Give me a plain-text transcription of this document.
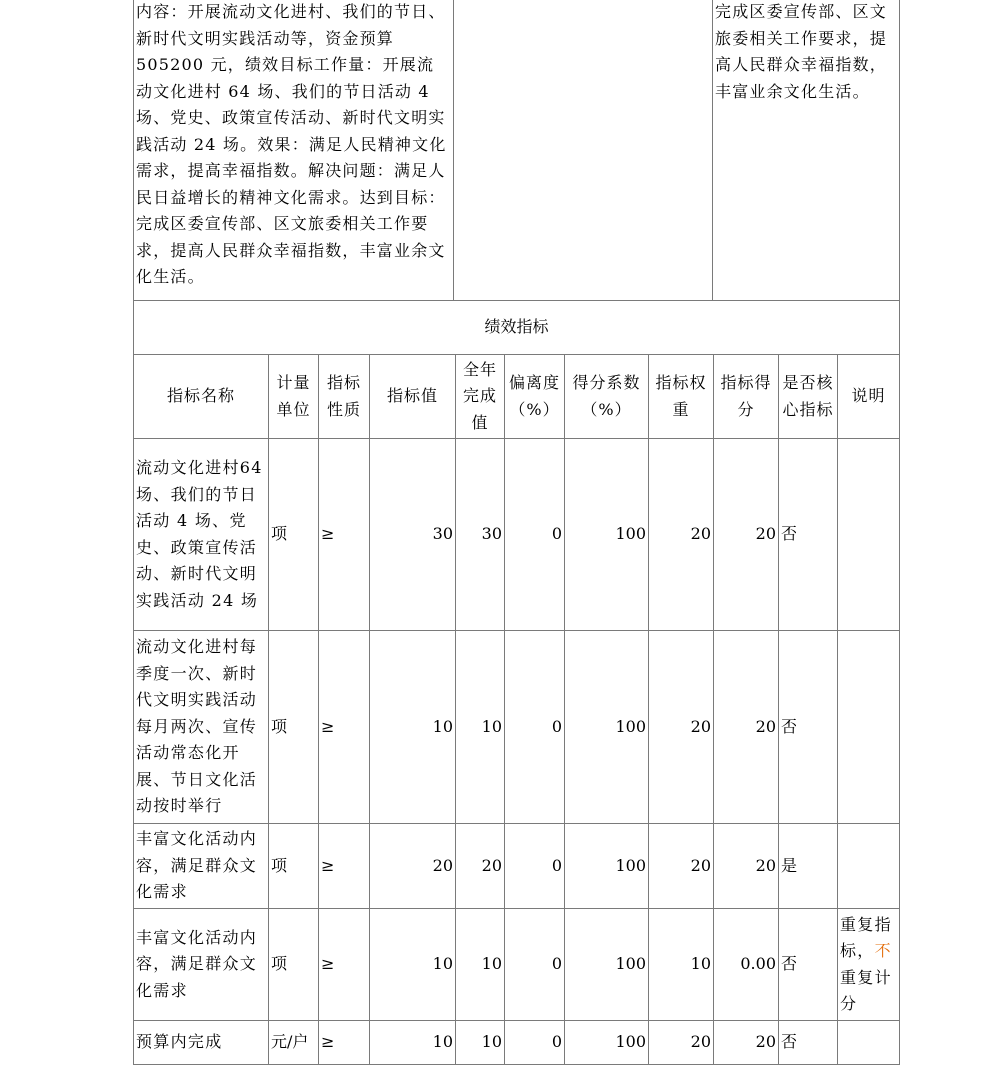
内容：开展流动文化进村、我们的节日、新时代文明实践活动等，资金预算505200 元，绩效目标工作量：开展流动文化进村 64 场、我们的节日活动 4 场、党史、政策宣传活动、新时代文明实践活动 24 场。效果：满足人民精神文化需求，提高幸福指数。解决问题：满足人民日益增长的精神文化需求。达到目标：完成区委宣传部、区文旅委相关工作要求，提高人民群众幸福指数，丰富业余文化生活。		完成区委宣传部、区文旅委相关工作要求，提高人民群众幸福指数，丰富业余文化生活。
绩效指标										
指标名称	计量单位	指标性质	指标值	全年完成值	偏离度（%）	得分系数（%）	指标权重	指标得分	是否核心指标	说明
流动文化进村64 场、我们的节日活动 4 场、党史、政策宣传活动、新时代文明实践活动 24 场	项	≥	30	30	0	100	20	20	否	
流动文化进村每季度一次、新时代文明实践活动每月两次、宣传活动常态化开展、节日文化活动按时举行	项	≥	10	10	0	100	20	20	否	
丰富文化活动内容，满足群众文化需求	项	≥	20	20	0	100	20	20	是	
丰富文化活动内容，满足群众文化需求	项	≥	10	10	0	100	10	0.00	否	重复指标，不重复计分
预算内完成	元/户	≥	10	10	0	100	20	20	否	
